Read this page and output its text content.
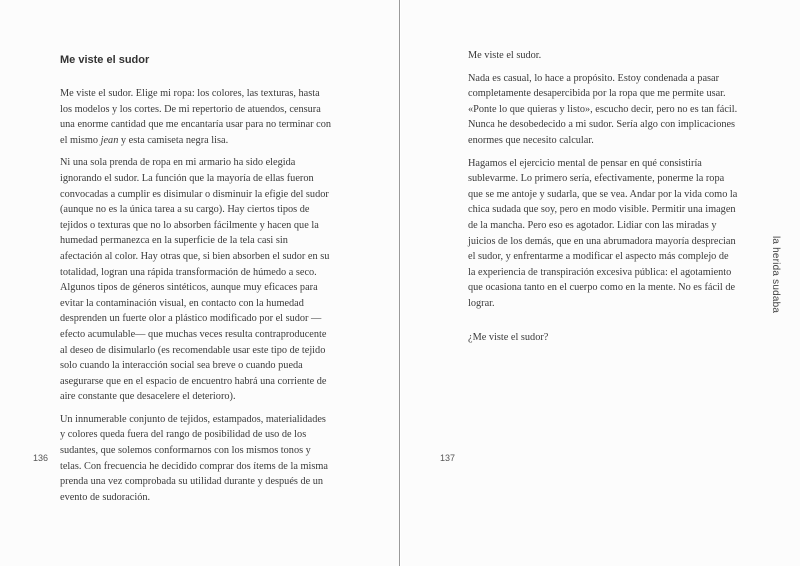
Me viste el sudor

Me viste el sudor. Elige mi ropa: los colores, las texturas, hasta los modelos y los cortes. De mi repertorio de atuendos, censura una enorme cantidad que me encantaría usar para no terminar con el mismo jean y esta camiseta negra lisa.

Ni una sola prenda de ropa en mi armario ha sido elegida ignorando el sudor. La función que la mayoría de ellas fueron convocadas a cumplir es disimular o disminuir la efigie del sudor (aunque no es la única tarea a su cargo). Hay ciertos tipos de tejidos o texturas que no lo absorben fácilmente y hacen que la humedad permanezca en la superficie de la tela casi sin afectación al color. Hay otras que, si bien absorben el sudor en su totalidad, logran una rápida transformación de húmedo a seco. Algunos tipos de géneros sintéticos, aunque muy eficaces para evitar la contaminación visual, en contacto con la humedad desprenden un fuerte olor a plástico modificado por el sudor —efecto acumulable— que muchas veces resulta contraproducente al deseo de disimularlo (es recomendable usar este tipo de tejido solo cuando la interacción social sea breve o cuando pueda asegurarse que en el espacio de encuentro habrá una corriente de aire constante que desacelere el deterioro).

Un innumerable conjunto de tejidos, estampados, materialidades y colores queda fuera del rango de posibilidad de uso de los sudantes, que solemos conformarnos con los mismos tonos y telas. Con frecuencia he decidido comprar dos ítems de la misma prenda una vez comprobada su utilidad durante y después de un evento de sudoración.

136

Me viste el sudor.

Nada es casual, lo hace a propósito. Estoy condenada a pasar completamente desapercibida por la ropa que me permite usar. «Ponte lo que quieras y listo», escucho decir, pero no es tan fácil. Nunca he desobedecido a mi sudor. Sería algo con implicaciones enormes que necesito calcular.

Hagamos el ejercicio mental de pensar en qué consistiría sublevarme. Lo primero sería, efectivamente, ponerme la ropa que se me antoje y sudarla, que se vea. Andar por la vida como la chica sudada que soy, pero en modo visible. Permitir una imagen de la mancha. Pero eso es agotador. Lidiar con las miradas y juicios de los demás, que en una abrumadora mayoría desprecian el sudor, y enfrentarme a modificar el aspecto más complejo de la experiencia de transpiración excesiva pública: el agotamiento que ocasiona tanto en el cuerpo como en la mente. No es fácil de lograr.

¿Me viste el sudor?

137
la herida sudaba
